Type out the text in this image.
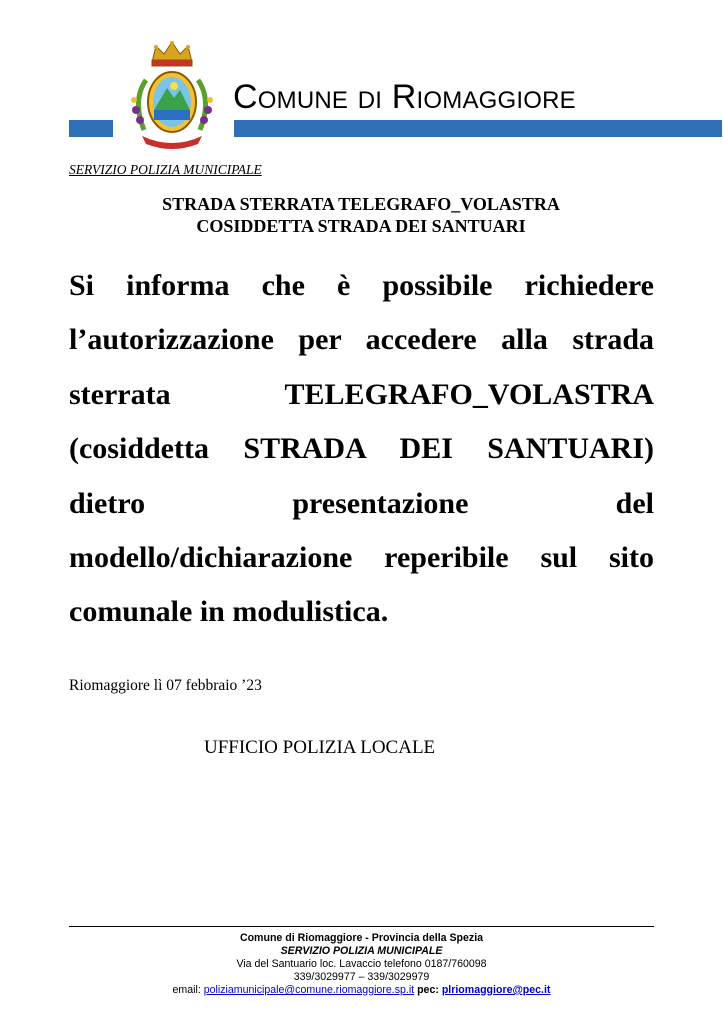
Comune di Riomaggiore
SERVIZIO POLIZIA MUNICIPALE
STRADA STERRATA TELEGRAFO_VOLASTRA
COSIDDETTA STRADA DEI SANTUARI
Si informa che è possibile richiedere
l’autorizzazione per accedere alla strada
sterrata TELEGRAFO_VOLASTRA
(cosiddetta STRADA DEI SANTUARI)
dietro presentazione del
modello/dichiarazione reperibile sul sito
comunale in modulistica.
Riomaggiore lì 07 febbraio ’23
UFFICIO POLIZIA LOCALE
Comune di Riomaggiore - Provincia della Spezia
SERVIZIO POLIZIA MUNICIPALE
Via del Santuario loc. Lavaccio telefono 0187/760098
339/3029977 – 339/3029979
email: poliziamunicipale@comune.riomaggiore.sp.it pec: plriomaggiore@pec.it
